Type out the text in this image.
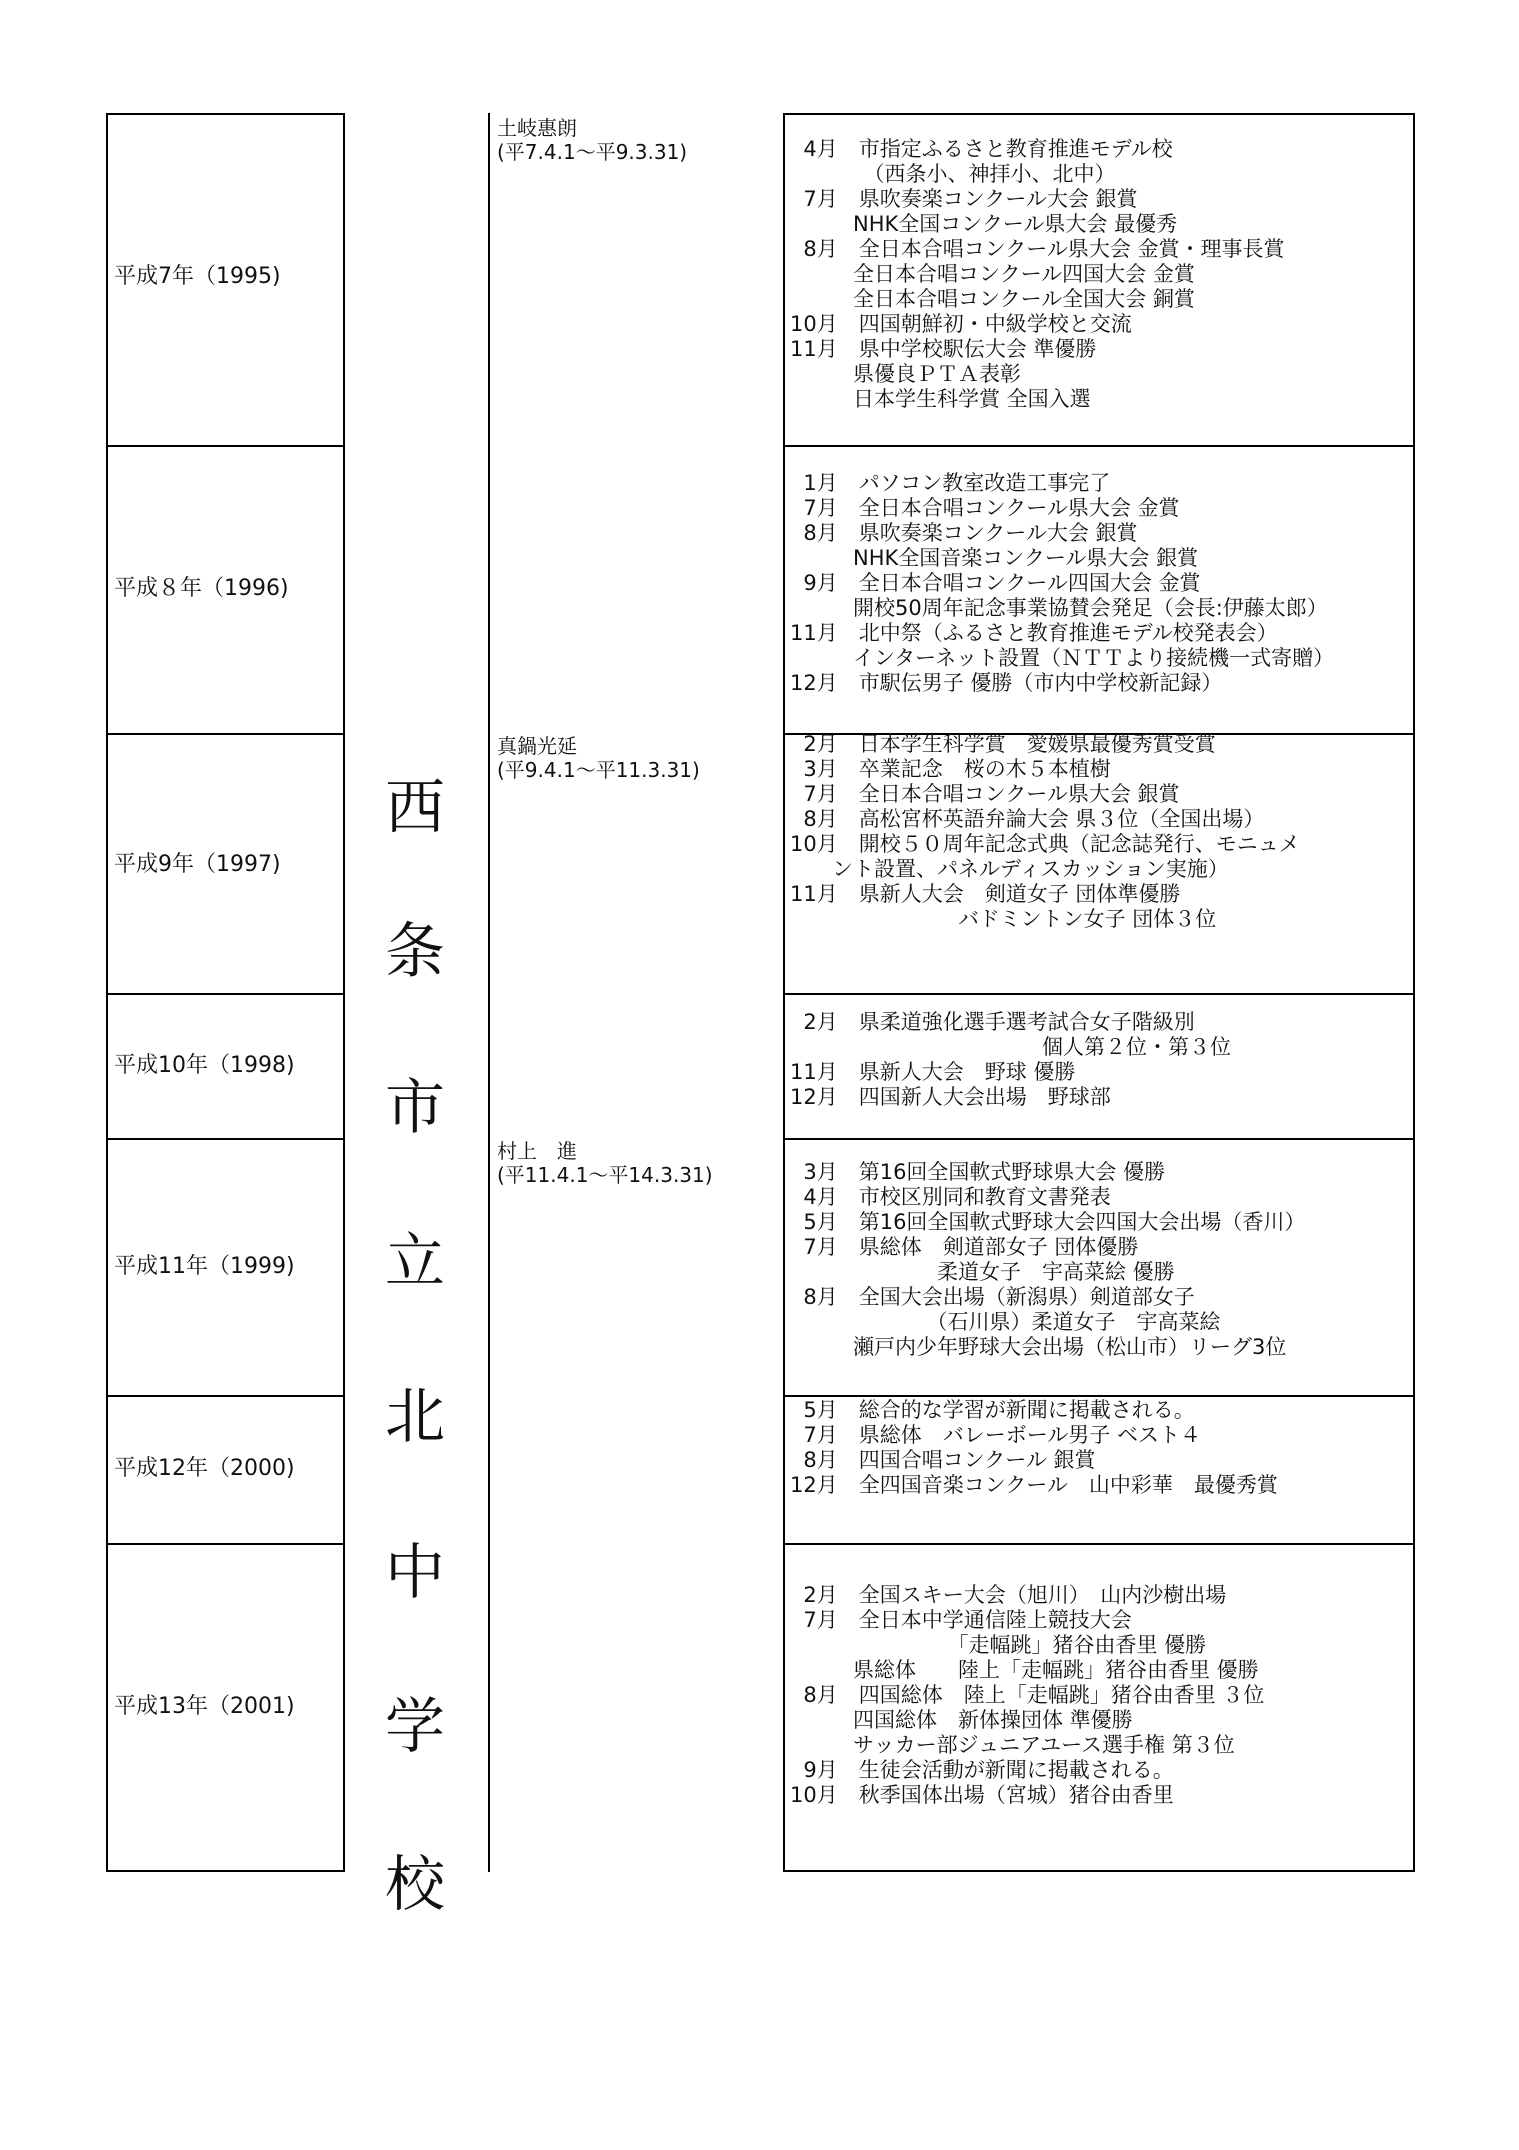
平成7年（1995)
平成８年（1996)
平成9年（1997)
平成10年（1998)
平成11年（1999)
平成12年（2000)
平成13年（2001)
西
条
市
立
北
中
学
校
土岐惠朗
(平7.4.1～平9.3.31)
真鍋光延
(平9.4.1～平11.3.31)
村上　進
(平11.4.1～平14.3.31)
4月　市指定ふるさと教育推進モデル校
　　　　（西条小、神拝小、北中）
7月　県吹奏楽コンクール大会 銀賞
　　　NHK全国コンクール県大会 最優秀
8月　全日本合唱コンクール県大会 金賞・理事長賞
　　　全日本合唱コンクール四国大会 金賞
　　　全日本合唱コンクール全国大会 銅賞
10月　四国朝鮮初・中級学校と交流
11月　県中学校駅伝大会 準優勝
　　　県優良ＰＴＡ表彰
　　　日本学生科学賞 全国入選
1月　パソコン教室改造工事完了
7月　全日本合唱コンクール県大会 金賞
8月　県吹奏楽コンクール大会 銀賞
　　　NHK全国音楽コンクール県大会 銀賞
9月　全日本合唱コンクール四国大会 金賞
　　　開校50周年記念事業協賛会発足（会長:伊藤太郎）
11月　北中祭（ふるさと教育推進モデル校発表会）
　　　インターネット設置（ＮＴＴより接続機一式寄贈）
12月　市駅伝男子 優勝（市内中学校新記録）
2月　日本学生科学賞　愛媛県最優秀賞受賞
3月　卒業記念　桜の木５本植樹
7月　全日本合唱コンクール県大会 銀賞
8月　高松宮杯英語弁論大会 県３位（全国出場）
10月　開校５０周年記念式典（記念誌発行、モニュメ
　　ント設置、パネルディスカッション実施）
11月　県新人大会　剣道女子 団体準優勝
　　　　　　　　バドミントン女子 団体３位
2月　県柔道強化選手選考試合女子階級別
　　　　　　　　　　　　個人第２位・第３位
11月　県新人大会　野球 優勝
12月　四国新人大会出場　野球部
3月　第16回全国軟式野球県大会 優勝
4月　市校区別同和教育文書発表
5月　第16回全国軟式野球大会四国大会出場（香川）
7月　県総体　剣道部女子 団体優勝
　　　　　　　柔道女子　宇高菜絵 優勝
8月　全国大会出場（新潟県）剣道部女子
　　　　　　　（石川県）柔道女子　宇高菜絵
　　　瀬戸内少年野球大会出場（松山市）リーグ3位
5月　総合的な学習が新聞に掲載される。
7月　県総体　バレーボール男子 ベスト４
8月　四国合唱コンクール 銀賞
12月　全四国音楽コンクール　山中彩華　最優秀賞
2月　全国スキー大会（旭川）　山内沙樹出場
7月　全日本中学通信陸上競技大会
　　　　　　　　「走幅跳」猪谷由香里 優勝
　　　県総体　　陸上「走幅跳」猪谷由香里 優勝
8月　四国総体　陸上「走幅跳」猪谷由香里 ３位
　　　四国総体　新体操団体 準優勝
　　　サッカー部ジュニアユース選手権 第３位
9月　生徒会活動が新聞に掲載される。
10月　秋季国体出場（宮城）猪谷由香里
